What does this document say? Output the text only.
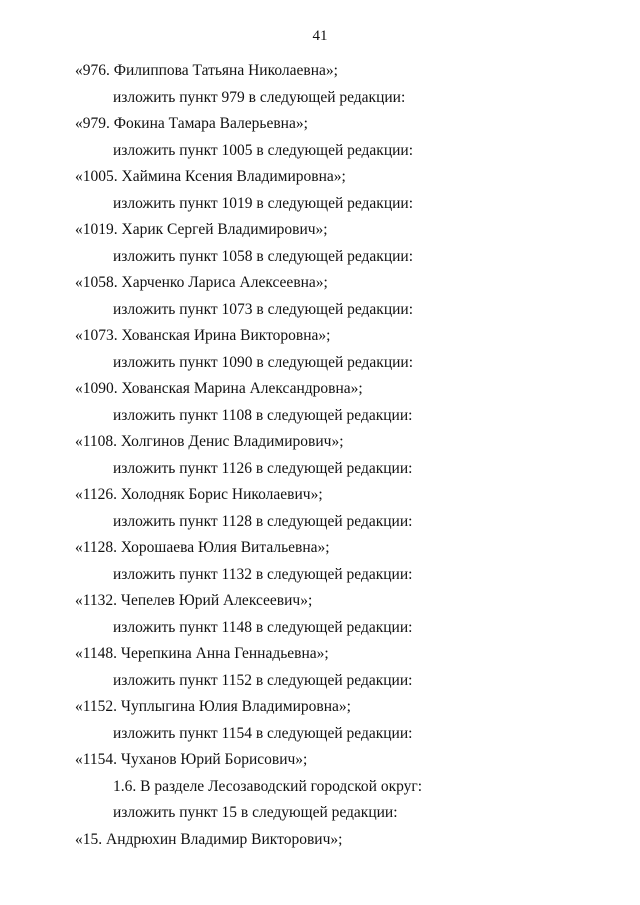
41
«976. Филиппова Татьяна Николаевна»;
изложить пункт 979 в следующей редакции:
«979. Фокина Тамара Валерьевна»;
изложить пункт 1005 в следующей редакции:
«1005. Хаймина Ксения Владимировна»;
изложить пункт 1019 в следующей редакции:
«1019. Харик Сергей Владимирович»;
изложить пункт 1058 в следующей редакции:
«1058. Харченко Лариса Алексеевна»;
изложить пункт 1073 в следующей редакции:
«1073. Хованская Ирина Викторовна»;
изложить пункт 1090 в следующей редакции:
«1090. Хованская Марина Александровна»;
изложить пункт 1108 в следующей редакции:
«1108. Холгинов Денис Владимирович»;
изложить пункт 1126 в следующей редакции:
«1126. Холодняк Борис Николаевич»;
изложить пункт 1128 в следующей редакции:
«1128. Хорошаева Юлия Витальевна»;
изложить пункт 1132 в следующей редакции:
«1132. Чепелев Юрий Алексеевич»;
изложить пункт 1148 в следующей редакции:
«1148. Черепкина Анна Геннадьевна»;
изложить пункт 1152 в следующей редакции:
«1152. Чуплыгина Юлия Владимировна»;
изложить пункт 1154 в следующей редакции:
«1154. Чуханов Юрий Борисович»;
1.6. В разделе Лесозаводский городской округ:
изложить пункт 15 в следующей редакции:
«15. Андрюхин Владимир Викторович»;
